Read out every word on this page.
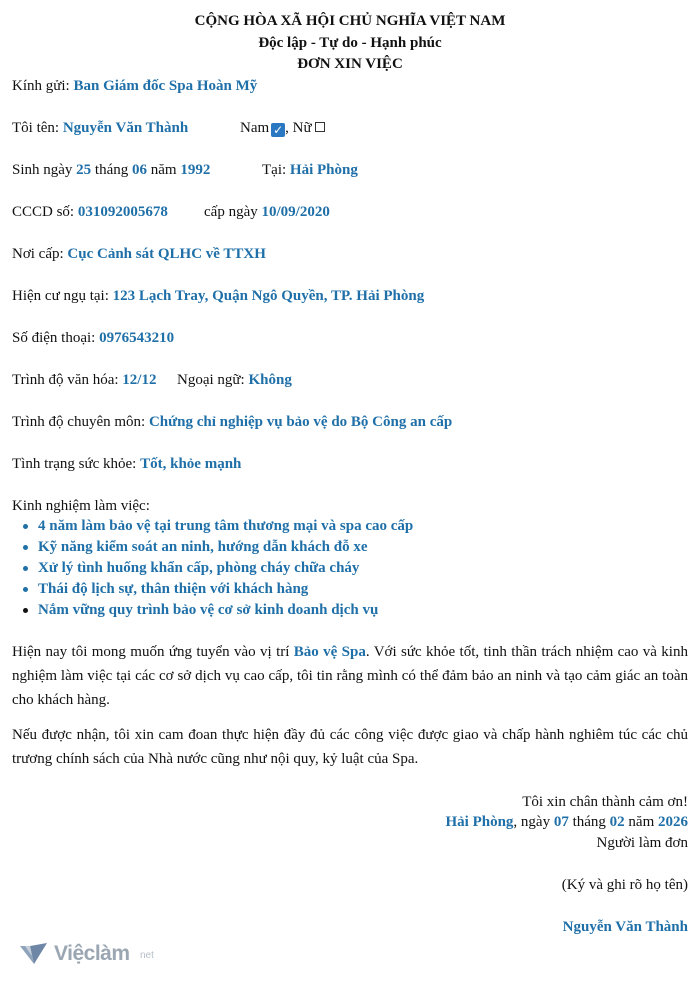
CỘNG HÒA XÃ HỘI CHỦ NGHĨA VIỆT NAM
Độc lập - Tự do - Hạnh phúc
ĐƠN XIN VIỆC
Kính gửi: Ban Giám đốc Spa Hoàn Mỹ
Tôi tên: Nguyễn Văn Thành	Nam ✓ , Nữ
Sinh ngày 25 tháng 06 năm 1992	Tại: Hải Phòng
CCCD số: 031092005678 cấp ngày 10/09/2020
Nơi cấp: Cục Cảnh sát QLHC về TTXH
Hiện cư ngụ tại: 123 Lạch Tray, Quận Ngô Quyền, TP. Hải Phòng
Số điện thoại: 0976543210
Trình độ văn hóa: 12/12 Ngoại ngữ: Không
Trình độ chuyên môn: Chứng chỉ nghiệp vụ bảo vệ do Bộ Công an cấp
Tình trạng sức khỏe: Tốt, khỏe mạnh
Kinh nghiệm làm việc:
4 năm làm bảo vệ tại trung tâm thương mại và spa cao cấp
Kỹ năng kiểm soát an ninh, hướng dẫn khách đỗ xe
Xử lý tình huống khẩn cấp, phòng cháy chữa cháy
Thái độ lịch sự, thân thiện với khách hàng
Nắm vững quy trình bảo vệ cơ sở kinh doanh dịch vụ
Hiện nay tôi mong muốn ứng tuyển vào vị trí Bảo vệ Spa. Với sức khỏe tốt, tinh thần trách nhiệm cao và kinh nghiệm làm việc tại các cơ sở dịch vụ cao cấp, tôi tin rằng mình có thể đảm bảo an ninh và tạo cảm giác an toàn cho khách hàng.
Nếu được nhận, tôi xin cam đoan thực hiện đầy đủ các công việc được giao và chấp hành nghiêm túc các chủ trương chính sách của Nhà nước cũng như nội quy, kỷ luật của Spa.
Tôi xin chân thành cảm ơn!
Hải Phòng, ngày 07 tháng 02 năm 2026
Người làm đơn
(Ký và ghi rõ họ tên)
Nguyễn Văn Thành
Việclàm net
